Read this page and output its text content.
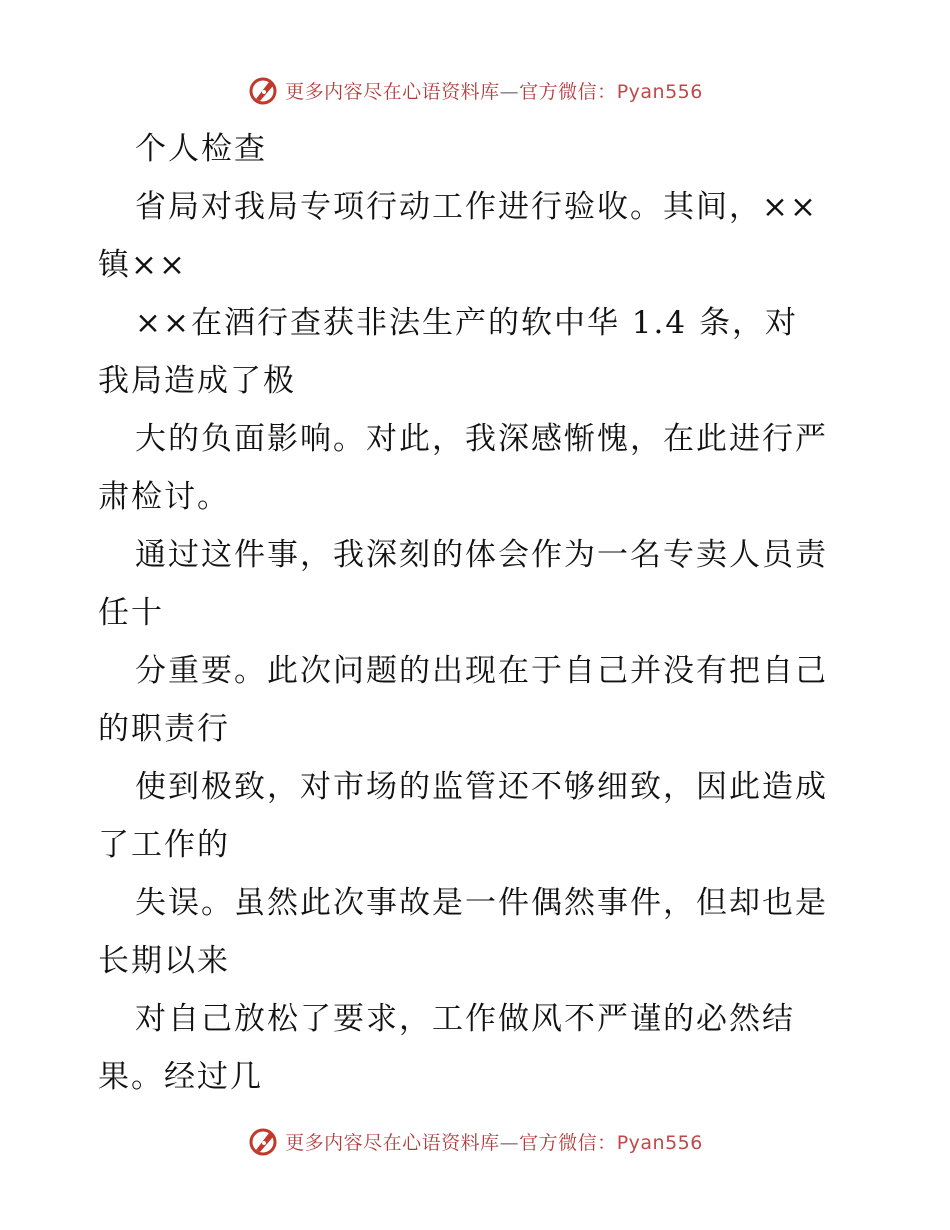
更多内容尽在心语资料库—官方微信：Pyan556
个人检查
省局对我局专项行动工作进行验收。其间，××
镇××
××在酒行查获非法生产的软中华 1.4 条，对
我局造成了极
大的负面影响。对此，我深感惭愧，在此进行严
肃检讨。
通过这件事，我深刻的体会作为一名专卖人员责
任十
分重要。此次问题的出现在于自己并没有把自己
的职责行
使到极致，对市场的监管还不够细致，因此造成
了工作的
失误。虽然此次事故是一件偶然事件，但却也是
长期以来
对自己放松了要求，工作做风不严谨的必然结
果。经过几
更多内容尽在心语资料库—官方微信：Pyan556
